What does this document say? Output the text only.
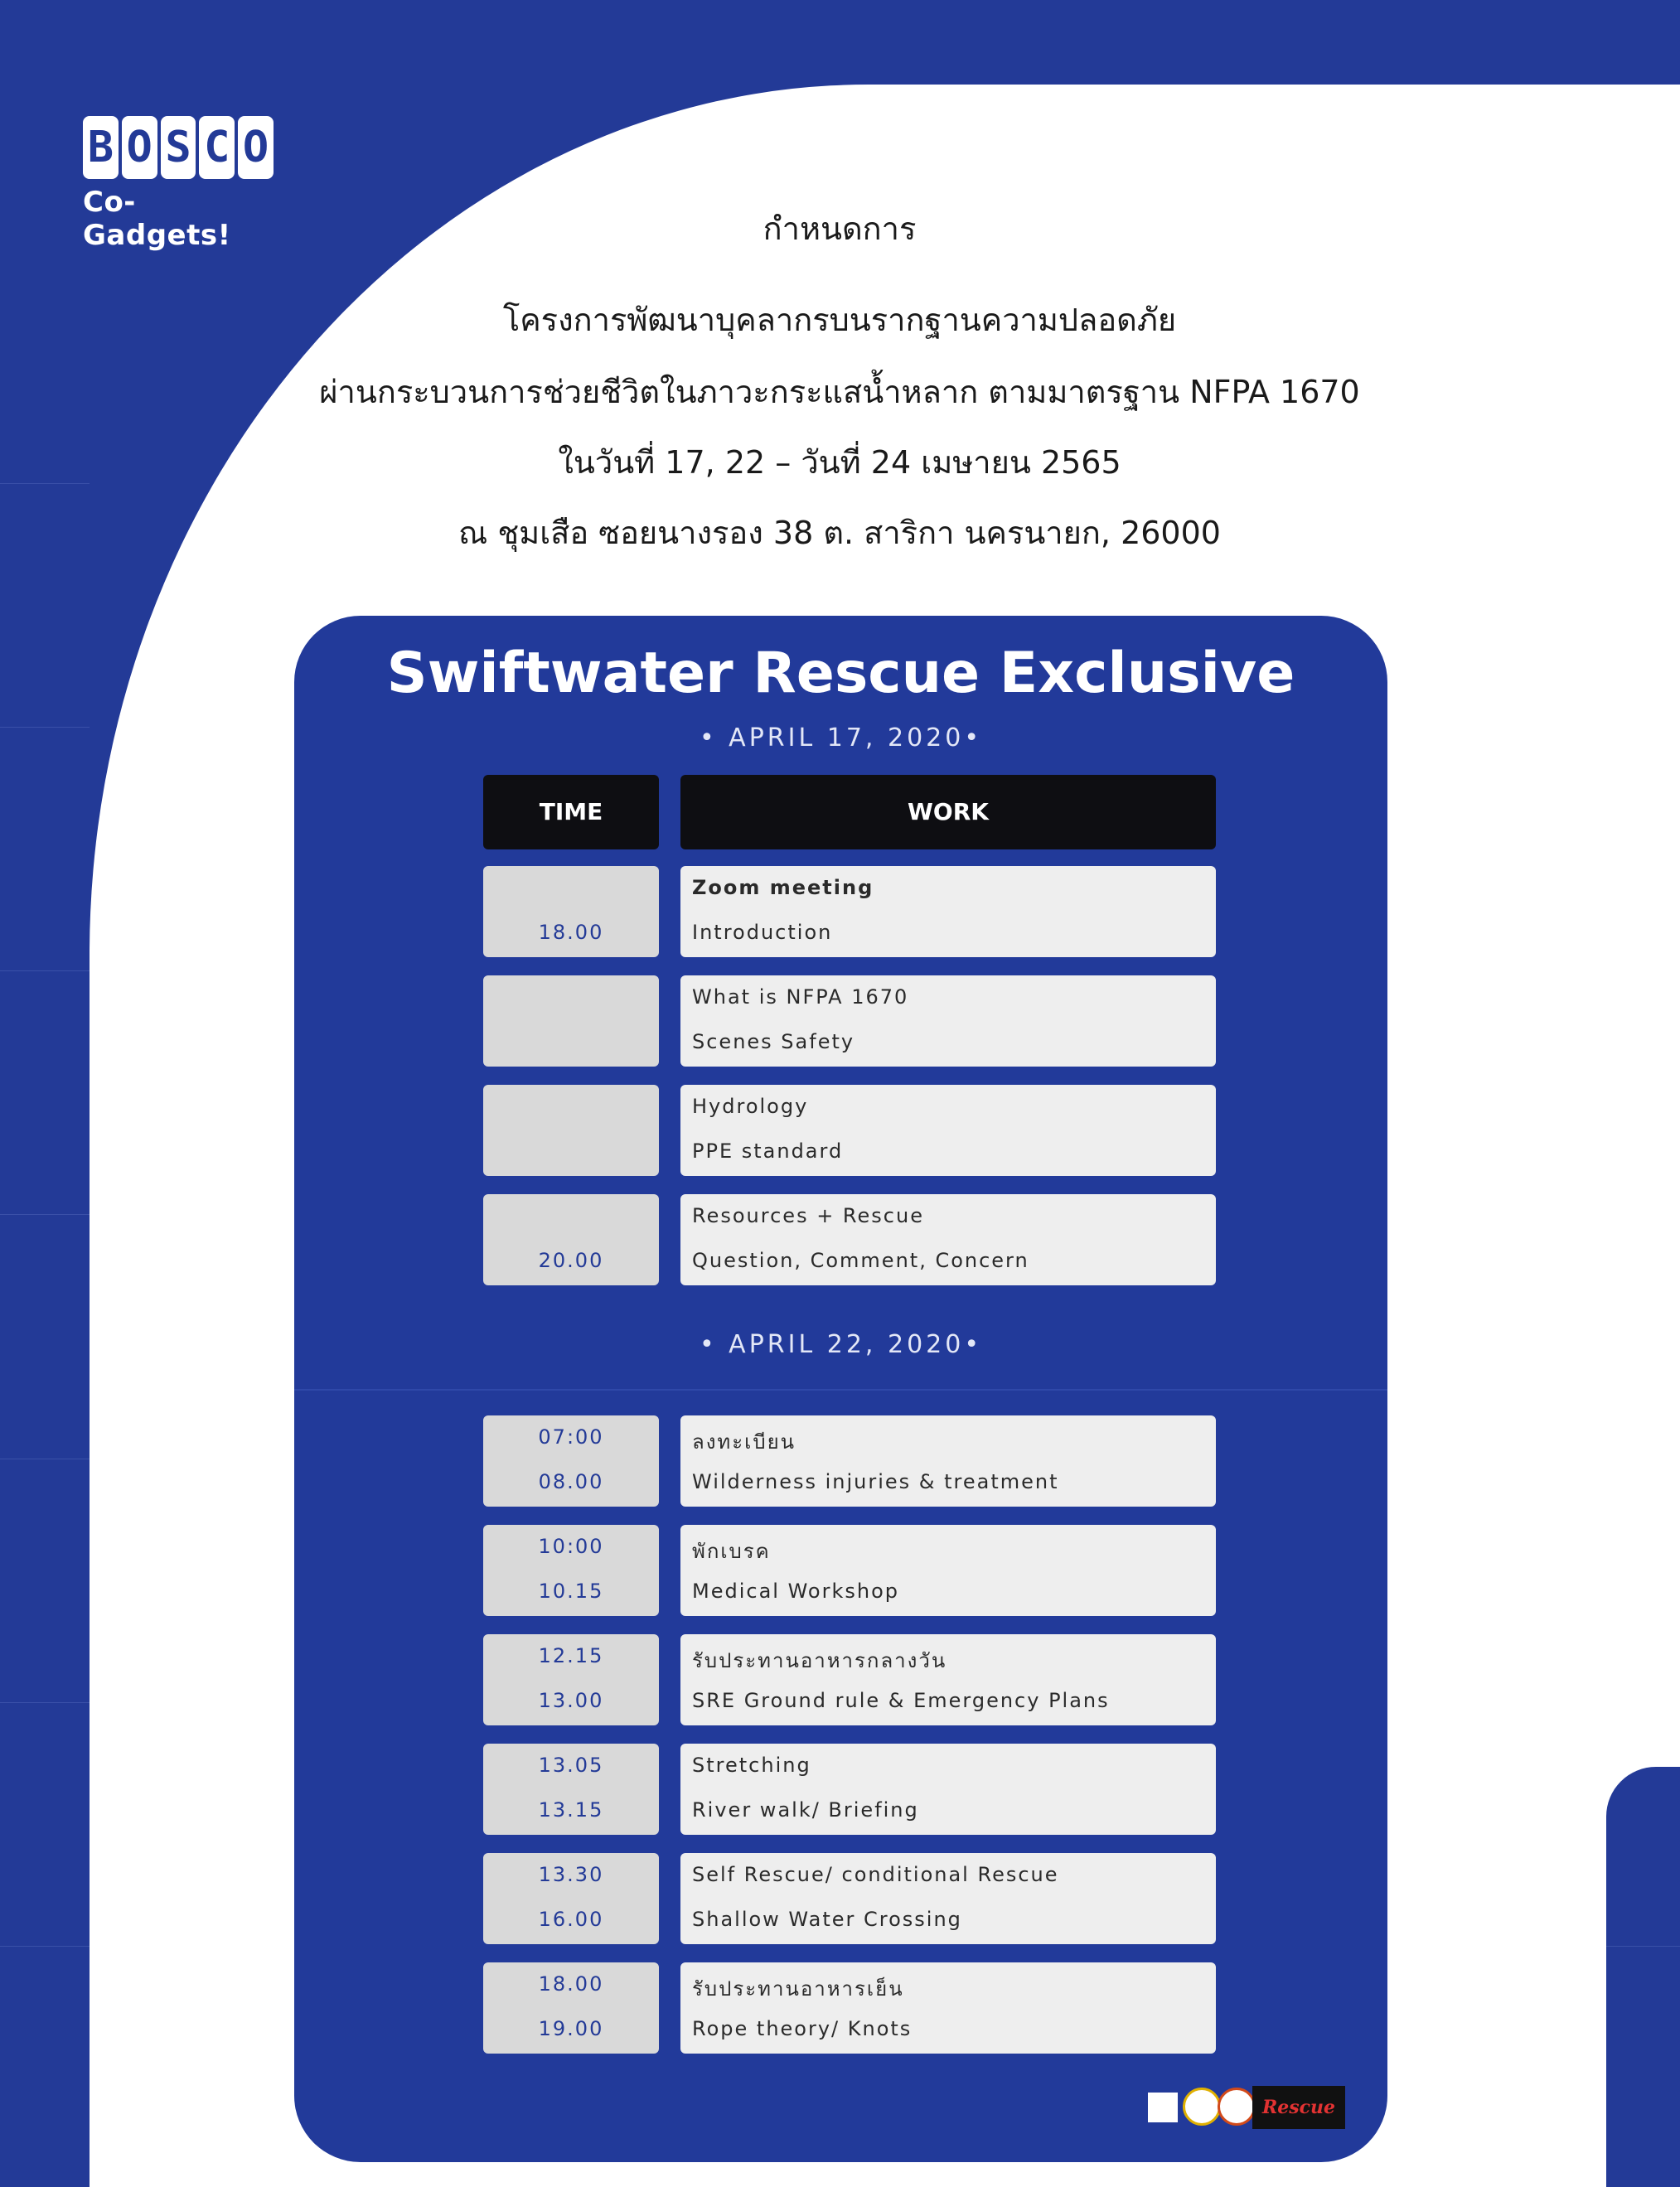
B O S C O
Co-Gadgets!	กำหนดการ
โครงการพัฒนาบุคลากรบนรากฐานความปลอดภัย
ผ่านกระบวนการช่วยชีวิตในภาวะกระแสน้ำหลาก ตามมาตรฐาน NFPA 1670
ในวันที่ 17, 22 – วันที่ 24 เมษายน 2565
ณ ชุมเสือ ซอยนางรอง 38 ต. สาริกา นครนายก, 26000
Swiftwater Rescue Exclusive
• APRIL 17, 2020•
TIME	WORK
18.00
Zoom meeting
Introduction
What is NFPA 1670
Scenes Safety
Hydrology
PPE standard
20.00
Resources + Rescue
Question, Comment, Concern
• APRIL 22, 2020•
07:00
08.00
ลงทะเบียน
Wilderness injuries & treatment
10:00
10.15
พักเบรค
Medical Workshop
12.15
13.00
รับประทานอาหารกลางวัน
SRE Ground rule & Emergency Plans
13.05
13.15
Stretching
River walk/ Briefing
13.30
16.00
Self Rescue/ conditional Rescue
Shallow Water Crossing
18.00
19.00
รับประทานอาหารเย็น
Rope theory/ Knots
Rescue
